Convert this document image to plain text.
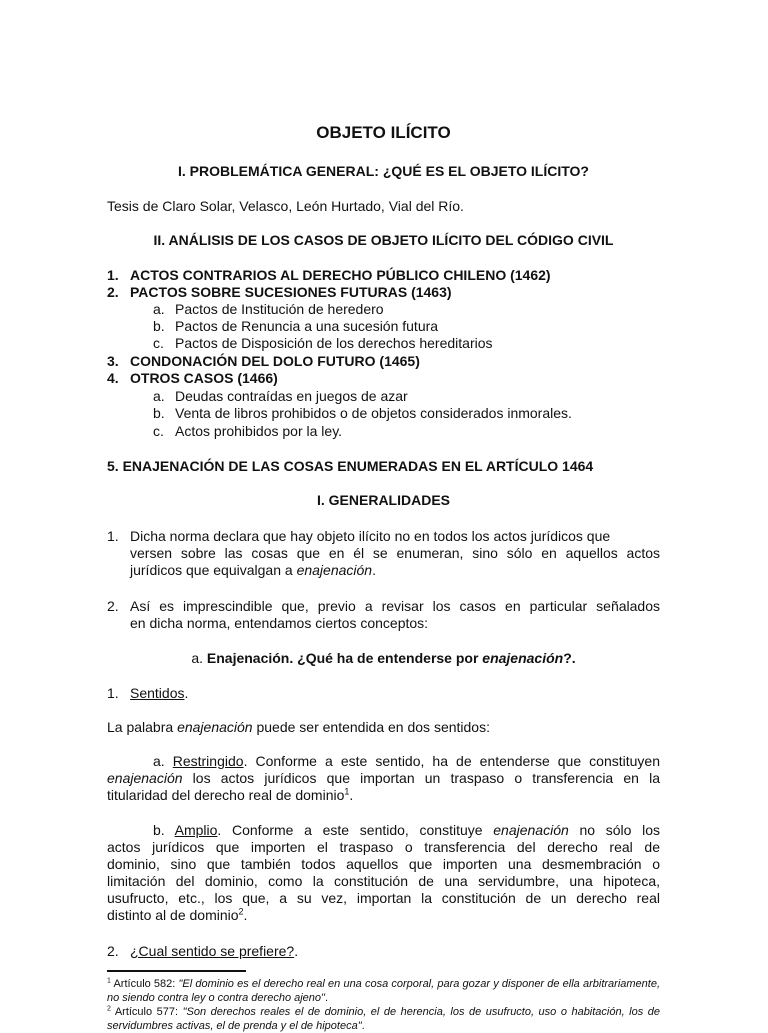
OBJETO ILÍCITO
I. PROBLEMÁTICA GENERAL: ¿QUÉ ES EL OBJETO ILÍCITO?
Tesis de Claro Solar, Velasco, León Hurtado, Vial del Río.
II. ANÁLISIS DE LOS CASOS DE OBJETO ILÍCITO DEL CÓDIGO CIVIL
1. ACTOS CONTRARIOS AL DERECHO PÚBLICO CHILENO (1462)
2. PACTOS SOBRE SUCESIONES FUTURAS (1463)
a. Pactos de Institución de heredero
b. Pactos de Renuncia a una sucesión futura
c. Pactos de Disposición de los derechos hereditarios
3. CONDONACIÓN DEL DOLO FUTURO (1465)
4. OTROS CASOS (1466)
a. Deudas contraídas en juegos de azar
b. Venta de libros prohibidos o de objetos considerados inmorales.
c. Actos prohibidos por la ley.
5. ENAJENACIÓN DE LAS COSAS ENUMERADAS EN EL ARTÍCULO 1464
I. GENERALIDADES
1. Dicha norma declara que hay objeto ilícito no en todos los actos jurídicos que
versen sobre las cosas que en él se enumeran, sino sólo en aquellos actos
jurídicos que equivalgan a enajenación.
2. Así es imprescindible que, previo a revisar los casos en particular señalados
en dicha norma, entendamos ciertos conceptos:
a. Enajenación. ¿Qué ha de entenderse por enajenación?.
1. Sentidos.
La palabra enajenación puede ser entendida en dos sentidos:
a. Restringido. Conforme a este sentido, ha de entenderse que constituyen
enajenación los actos jurídicos que importan un traspaso o transferencia en la
titularidad del derecho real de dominio$^1$.
b. Amplio. Conforme a este sentido, constituye enajenación no sólo los
actos jurídicos que importen el traspaso o transferencia del derecho real de
dominio, sino que también todos aquellos que importen una desmembración o
limitación del dominio, como la constitución de una servidumbre, una hipoteca,
usufructo, etc., los que, a su vez, importan la constitución de un derecho real
distinto al de dominio$^2$.
2. ¿Cual sentido se prefiere?.
$^1$ Artículo 582: "El dominio es el derecho real en una cosa corporal, para gozar y disponer de ella arbitrariamente, no siendo contra ley o contra derecho ajeno".
$^2$ Artículo 577: "Son derechos reales el de dominio, el de herencia, los de usufructo, uso o habitación, los de servidumbres activas, el de prenda y el de hipoteca".
